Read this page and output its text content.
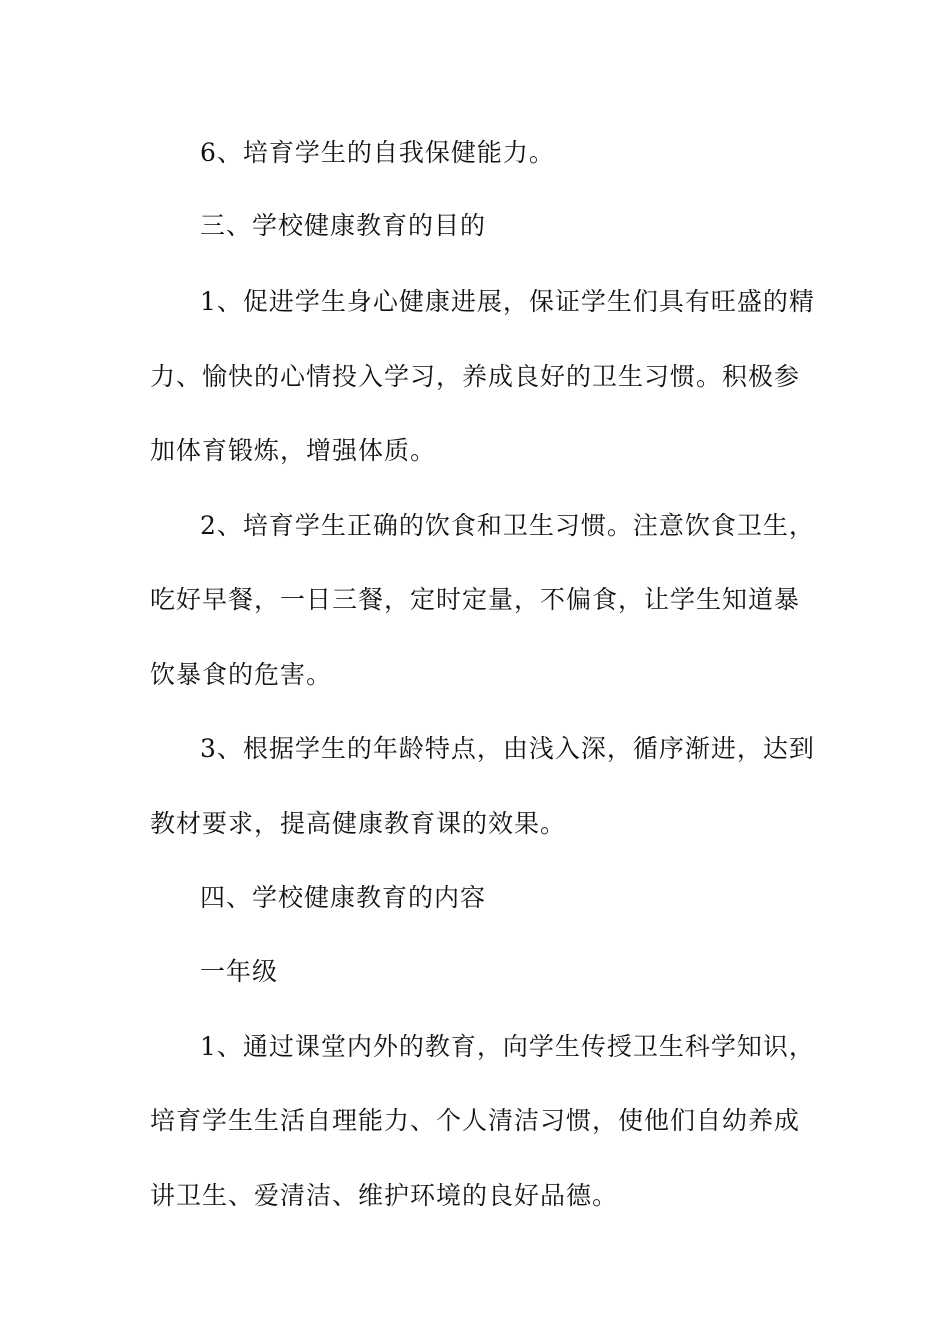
6、培育学生的自我保健能力。
三、学校健康教育的目的
1、促进学生身心健康进展，保证学生们具有旺盛的精
力、愉快的心情投入学习，养成良好的卫生习惯。积极参
加体育锻炼，增强体质。
2、培育学生正确的饮食和卫生习惯。注意饮食卫生，
吃好早餐，一日三餐，定时定量，不偏食，让学生知道暴
饮暴食的危害。
3、根据学生的年龄特点，由浅入深，循序渐进，达到
教材要求，提高健康教育课的效果。
四、学校健康教育的内容
一年级
1、通过课堂内外的教育，向学生传授卫生科学知识，
培育学生生活自理能力、个人清洁习惯，使他们自幼养成
讲卫生、爱清洁、维护环境的良好品德。
